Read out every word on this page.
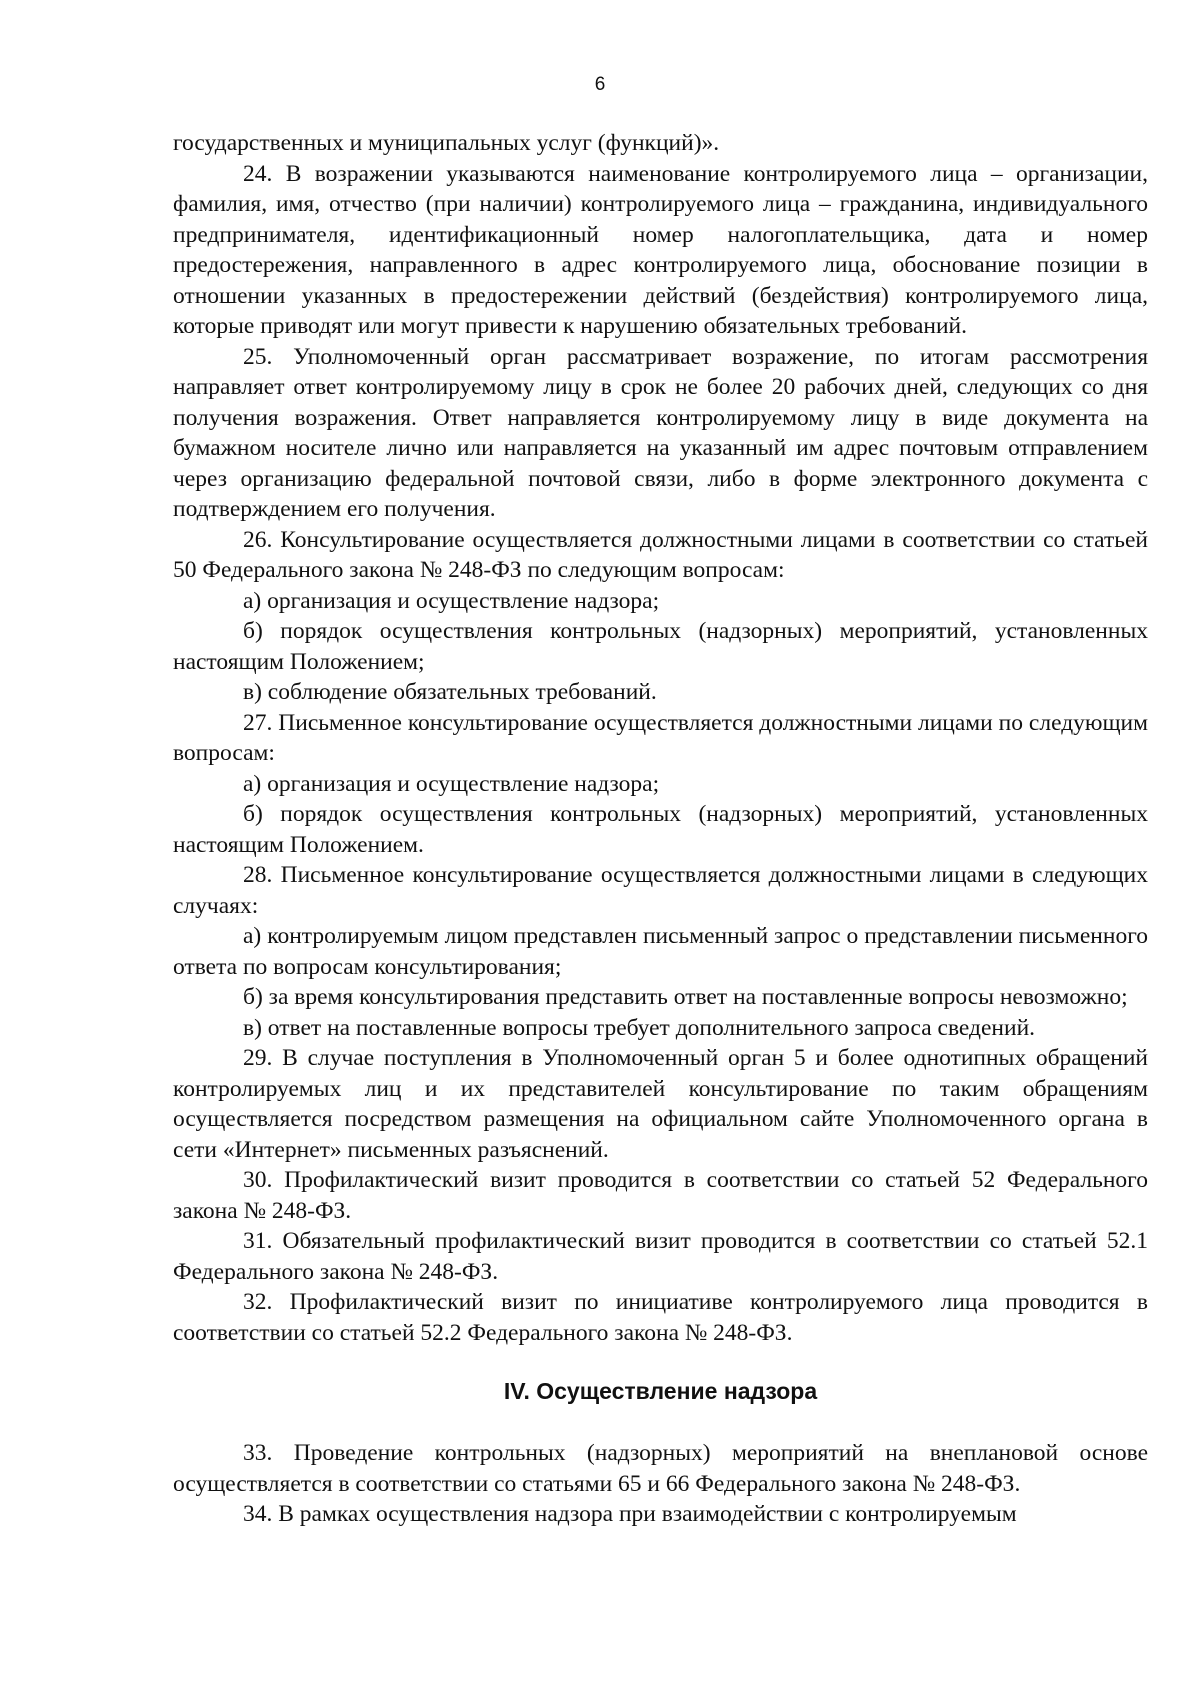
6

государственных и муниципальных услуг (функций)».

24. В возражении указываются наименование контролируемого лица – организации, фамилия, имя, отчество (при наличии) контролируемого лица – гражданина, индивидуального предпринимателя, идентификационный номер налогоплательщика, дата и номер предостережения, направленного в адрес контролируемого лица, обоснование позиции в отношении указанных в предостережении действий (бездействия) контролируемого лица, которые приводят или могут привести к нарушению обязательных требований.

25. Уполномоченный орган рассматривает возражение, по итогам рассмотрения направляет ответ контролируемому лицу в срок не более 20 рабочих дней, следующих со дня получения возражения. Ответ направляется контролируемому лицу в виде документа на бумажном носителе лично или направляется на указанный им адрес почтовым отправлением через организацию федеральной почтовой связи, либо в форме электронного документа с подтверждением его получения.

26. Консультирование осуществляется должностными лицами в соответствии со статьей 50 Федерального закона № 248-ФЗ по следующим вопросам:

а) организация и осуществление надзора;

б) порядок осуществления контрольных (надзорных) мероприятий, установленных настоящим Положением;

в) соблюдение обязательных требований.

27. Письменное консультирование осуществляется должностными лицами по следующим вопросам:

а) организация и осуществление надзора;

б) порядок осуществления контрольных (надзорных) мероприятий, установленных настоящим Положением.

28. Письменное консультирование осуществляется должностными лицами в следующих случаях:

а) контролируемым лицом представлен письменный запрос о представлении письменного ответа по вопросам консультирования;

б) за время консультирования представить ответ на поставленные вопросы невозможно;

в) ответ на поставленные вопросы требует дополнительного запроса сведений.

29. В случае поступления в Уполномоченный орган 5 и более однотипных обращений контролируемых лиц и их представителей консультирование по таким обращениям осуществляется посредством размещения на официальном сайте Уполномоченного органа в сети «Интернет» письменных разъяснений.

30. Профилактический визит проводится в соответствии со статьей 52 Федерального закона № 248-ФЗ.

31. Обязательный профилактический визит проводится в соответствии со статьей 52.1 Федерального закона № 248-ФЗ.

32. Профилактический визит по инициативе контролируемого лица проводится в соответствии со статьей 52.2 Федерального закона № 248-ФЗ.

IV. Осуществление надзора

33. Проведение контрольных (надзорных) мероприятий на внеплановой основе осуществляется в соответствии со статьями 65 и 66 Федерального закона № 248-ФЗ.

34. В рамках осуществления надзора при взаимодействии с контролируемым
